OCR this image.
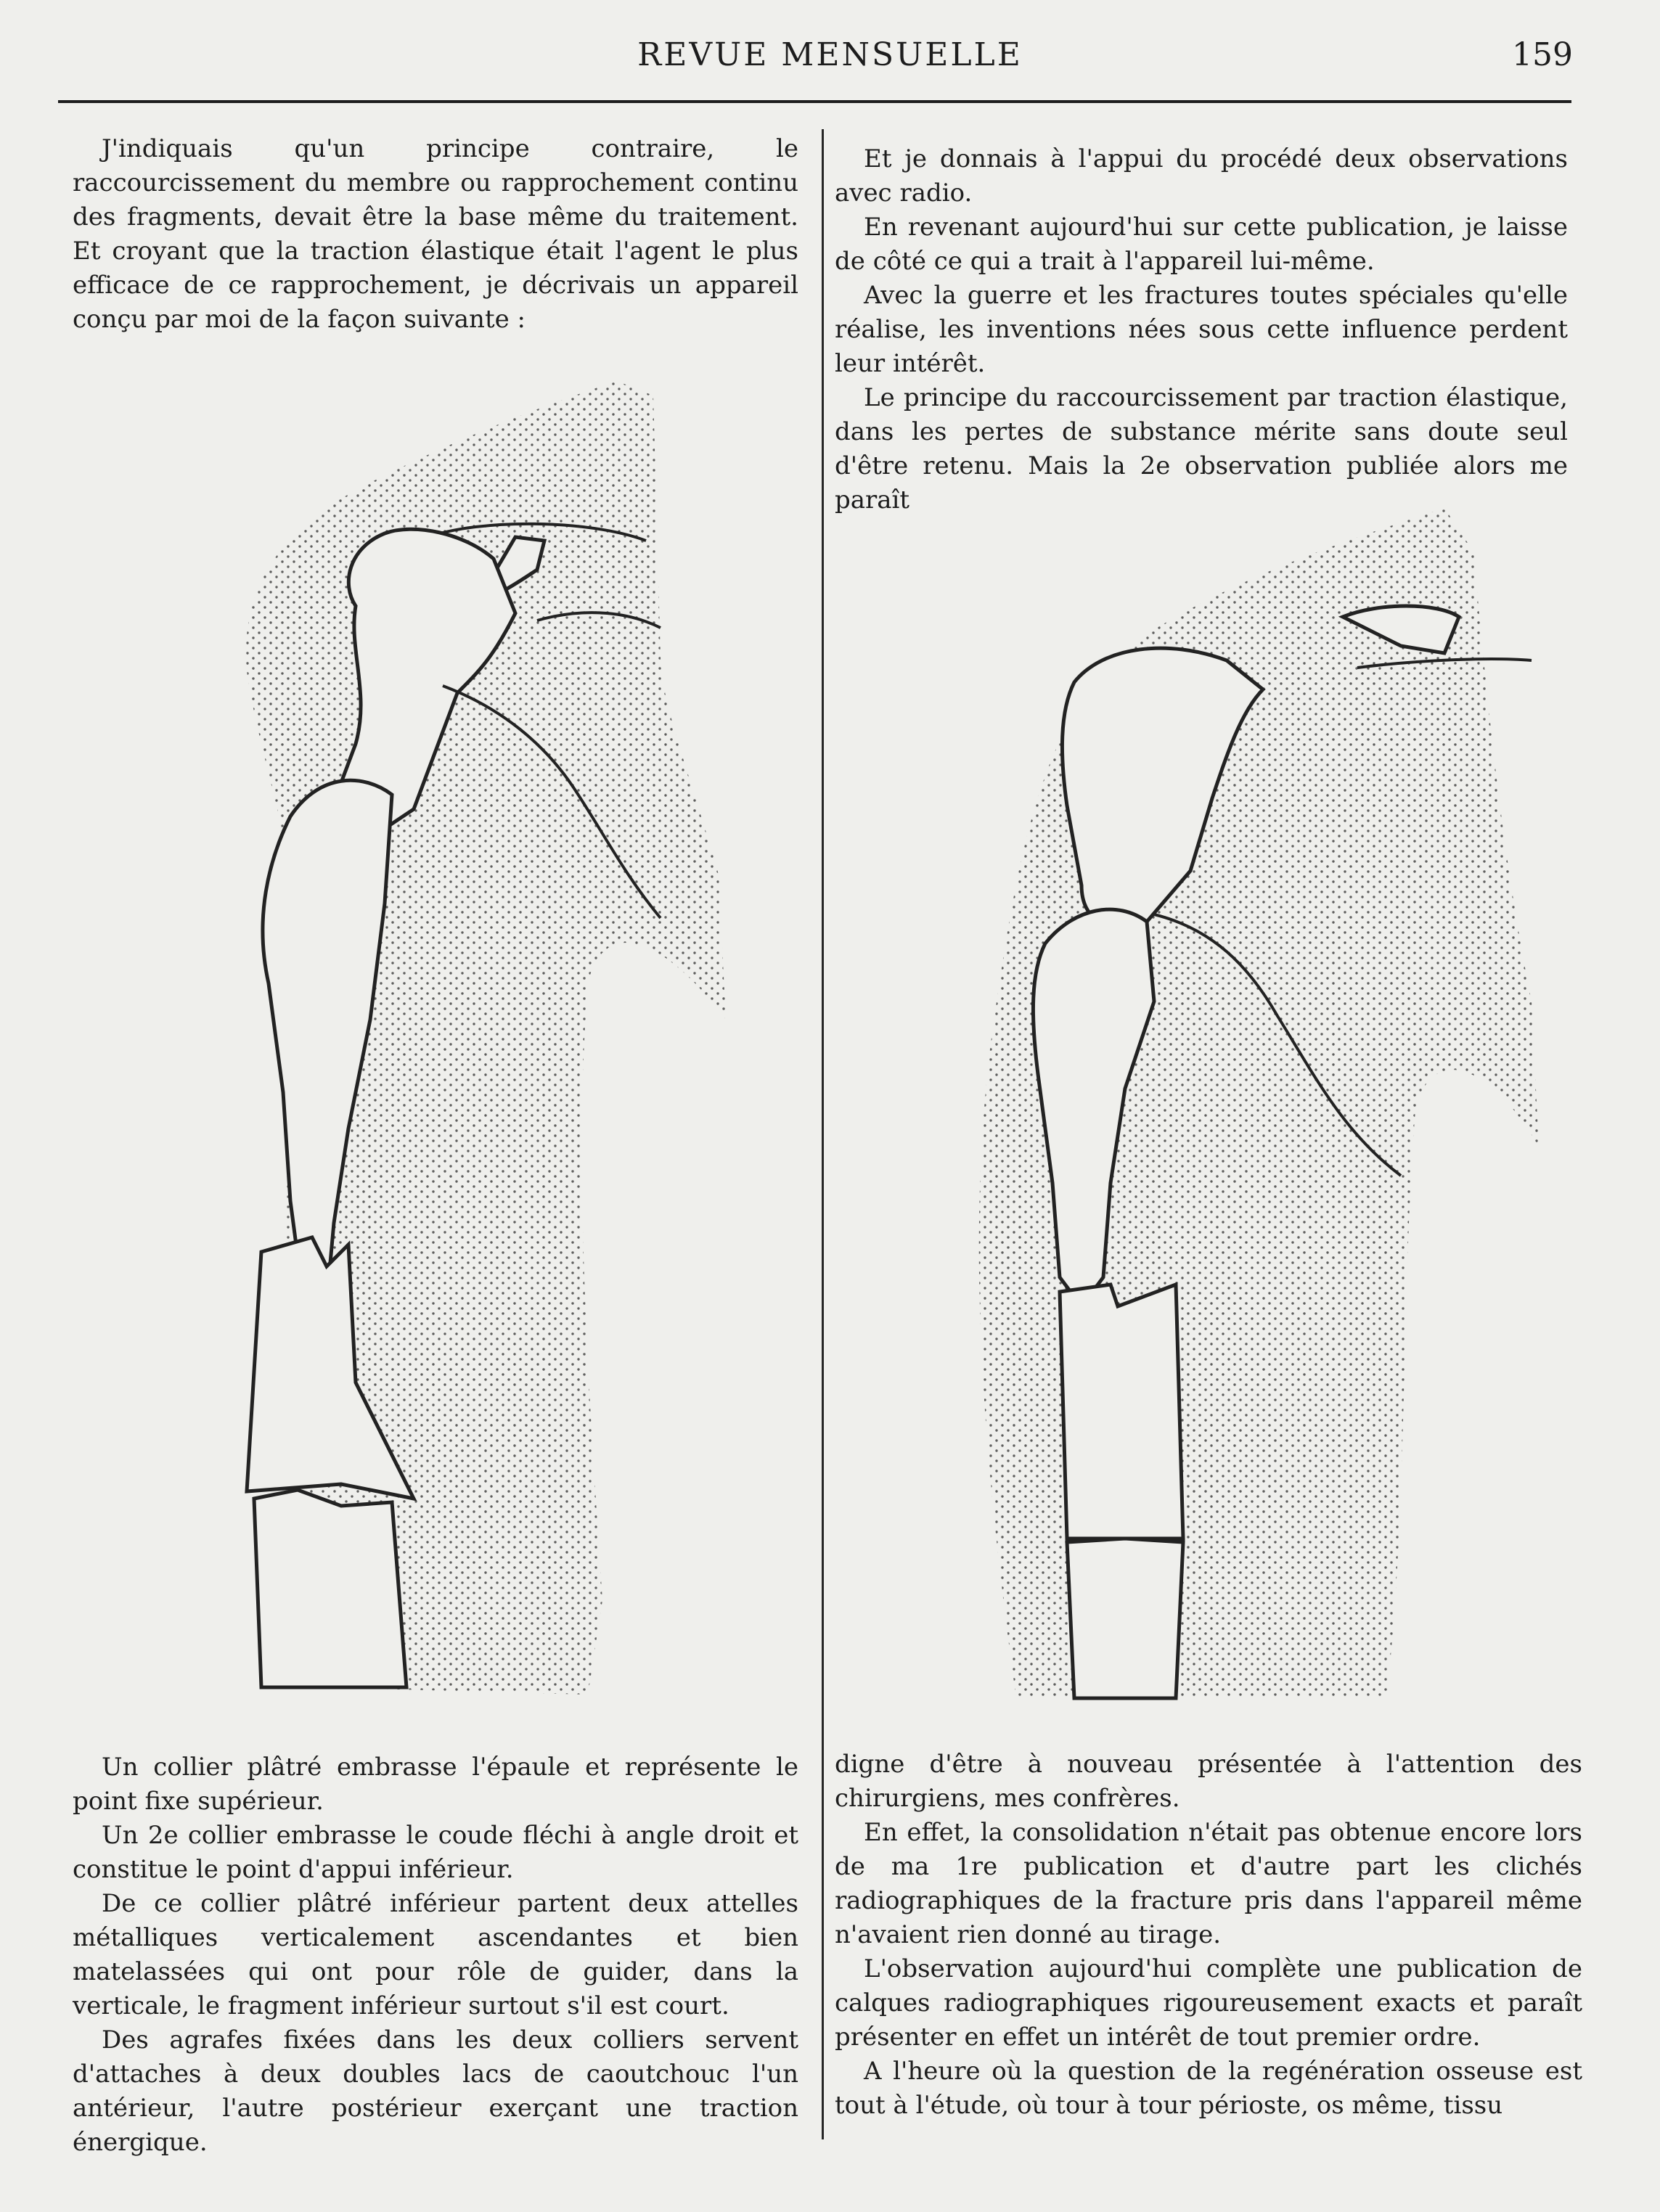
REVUE MENSUELLE	159

J'indiquais qu'un principe contraire, le raccourcissement du membre ou rapprochement continu des fragments, devait être la base même du traitement. Et croyant que la traction élastique était l'agent le plus efficace de ce rapprochement, je décrivais un appareil conçu par moi de la façon suivante :

Et je donnais à l'appui du procédé deux observations avec radio.

En revenant aujourd'hui sur cette publication, je laisse de côté ce qui a trait à l'appareil lui-même.

Avec la guerre et les fractures toutes spéciales qu'elle réalise, les inventions nées sous cette influence perdent leur intérêt.

Le principe du raccourcissement par traction élastique, dans les pertes de substance mérite sans doute seul d'être retenu. Mais la 2e observation publiée alors me paraît

Un collier plâtré embrasse l'épaule et représente le point fixe supérieur.

Un 2e collier embrasse le coude fléchi à angle droit et constitue le point d'appui inférieur.

De ce collier plâtré inférieur partent deux attelles métalliques verticalement ascendantes et bien matelassées qui ont pour rôle de guider, dans la verticale, le fragment inférieur surtout s'il est court.

Des agrafes fixées dans les deux colliers servent d'attaches à deux doubles lacs de caoutchouc l'un antérieur, l'autre postérieur exerçant une traction énergique.

digne d'être à nouveau présentée à l'attention des chirurgiens, mes confrères.

En effet, la consolidation n'était pas obtenue encore lors de ma 1re publication et d'autre part les clichés radiographiques de la fracture pris dans l'appareil même n'avaient rien donné au tirage.

L'observation aujourd'hui complète une publication de calques radiographiques rigoureusement exacts et paraît présenter en effet un intérêt de tout premier ordre.

A l'heure où la question de la regénération osseuse est tout à l'étude, où tour à tour périoste, os même, tissu
